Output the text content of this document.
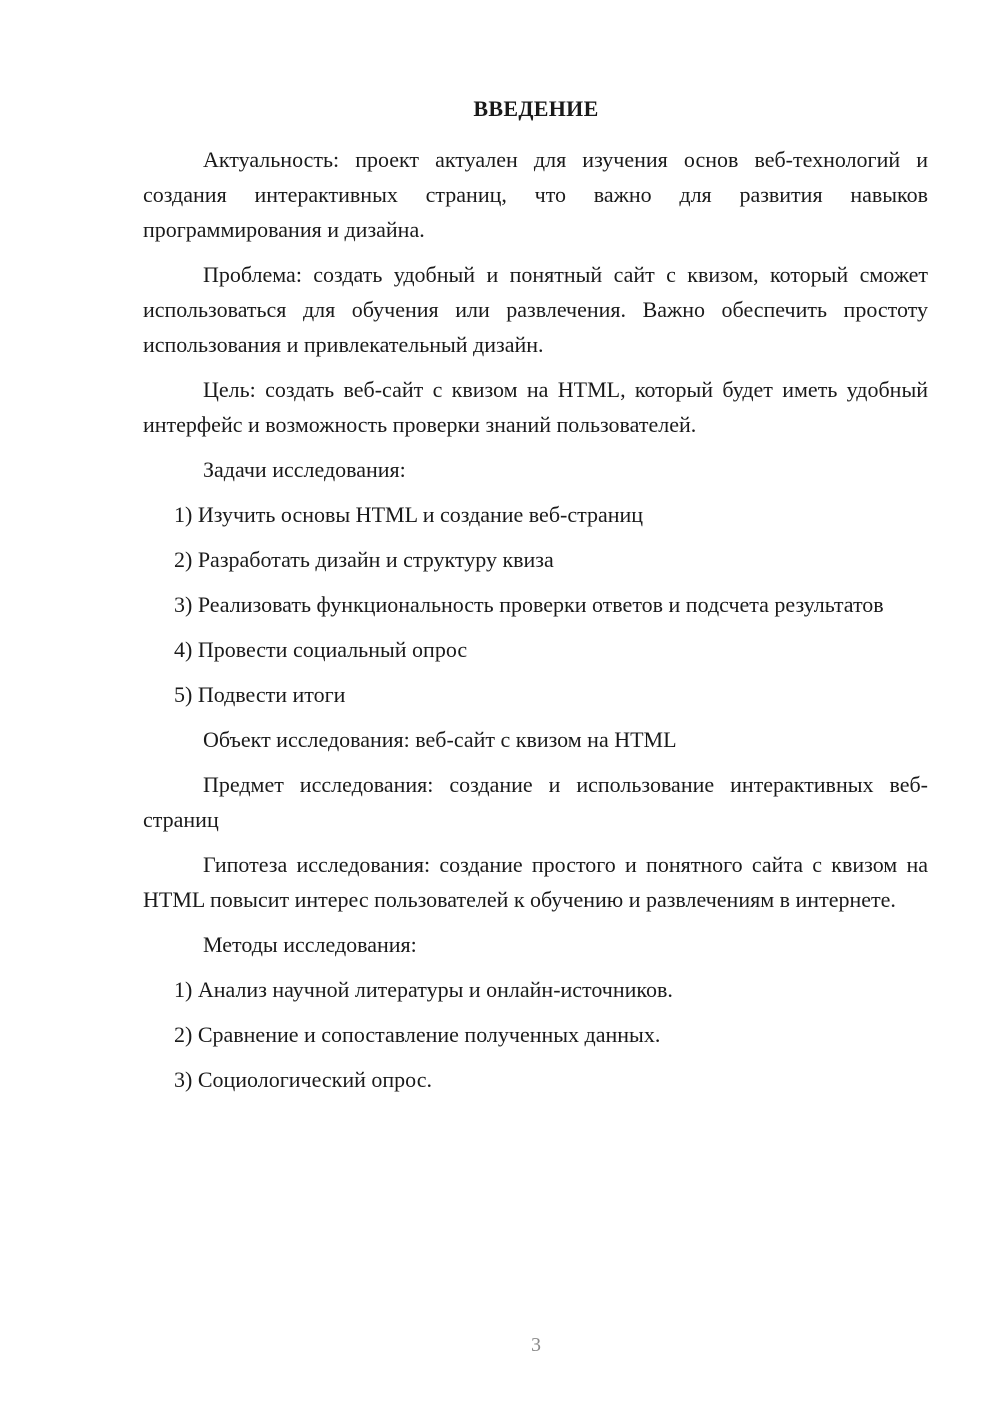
ВВЕДЕНИЕ

Актуальность: проект актуален для изучения основ веб-технологий и создания интерактивных страниц, что важно для развития навыков программирования и дизайна.

Проблема: создать удобный и понятный сайт с квизом, который сможет использоваться для обучения или развлечения. Важно обеспечить простоту использования и привлекательный дизайн.

Цель: создать веб-сайт с квизом на HTML, который будет иметь удобный интерфейс и возможность проверки знаний пользователей.

Задачи исследования:

1) Изучить основы HTML и создание веб-страниц

2) Разработать дизайн и структуру квиза

3) Реализовать функциональность проверки ответов и подсчета результатов

4) Провести социальный опрос

5) Подвести итоги

Объект исследования: веб-сайт с квизом на HTML

Предмет исследования: создание и использование интерактивных веб-страниц

Гипотеза исследования: создание простого и понятного сайта с квизом на HTML повысит интерес пользователей к обучению и развлечениям в интернете.

Методы исследования:

1) Анализ научной литературы и онлайн-источников.

2) Сравнение и сопоставление полученных данных.

3) Социологический опрос.

3
